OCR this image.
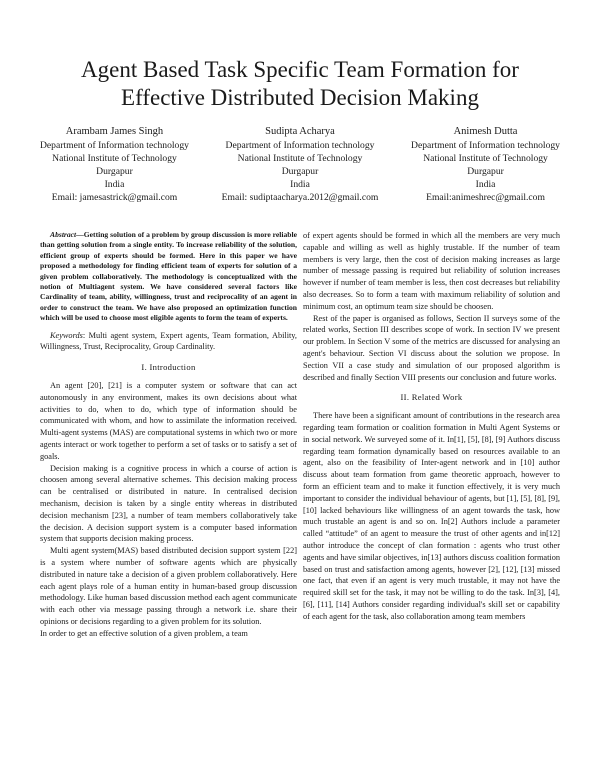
Agent Based Task Specific Team Formation for
Effective Distributed Decision Making
Arambam James Singh
Department of Information technology
National Institute of Technology
Durgapur
India
Email: jamesastrick@gmail.com
Sudipta Acharya
Department of Information technology
National Institute of Technology
Durgapur
India
Email: sudiptaacharya.2012@gmail.com
Animesh Dutta
Department of Information technology
National Institute of Technology
Durgapur
India
Email:animeshrec@gmail.com

Abstract—Getting solution of a problem by group discussion is more reliable than getting solution from a single entity. To increase reliability of the solution, efficient group of experts should be formed. Here in this paper we have proposed a methodology for finding efficient team of experts for solution of a given problem collaboratively. The methodology is conceptualized with the notion of Multiagent system. We have considered several factors like Cardinality of team, ability, willingness, trust and reciprocality of an agent in order to construct the team. We have also proposed an optimization function which will be used to choose most eligible agents to form the team of experts.

Keywords: Multi agent system, Expert agents, Team formation, Ability, Willingness, Trust, Reciprocality, Group Cardinality.

I. Introduction

An agent [20], [21] is a computer system or software that can act autonomously in any environment, makes its own decisions about what activities to do, when to do, which type of information should be communicated with whom, and how to assimilate the information received. Multi-agent systems (MAS) are computational systems in which two or more agents interact or work together to perform a set of tasks or to satisfy a set of goals.

Decision making is a cognitive process in which a course of action is choosen among several alternative schemes. This decision making process can be centralised or distributed in nature. In centralised decision mechanism, decision is taken by a single entity whereas in distributed decision mechanism [23], a number of team members collaboratively take the decision. A decision support system is a computer based information system that supports decision making process.

Multi agent system(MAS) based distributed decision support system [22] is a system where number of software agents which are physically distributed in nature take a decision of a given problem collaboratively. Here each agent plays role of a human entity in human-based group discussion methodology. Like human based discussion method each agent communicate with each other via message passing through a network i.e. share their opinions or decisions regarding to a given problem for its solution.

In order to get an effective solution of a given problem, a team

of expert agents should be formed in which all the members are very much capable and willing as well as highly trustable. If the number of team members is very large, then the cost of decision making increases as large number of message passing is required but reliability of solution increases however if number of team member is less, then cost decreases but reliability also decreases. So to form a team with maximum reliability of solution and minimum cost, an optimum team size should be choosen.

Rest of the paper is organised as follows, Section II surveys some of the related works, Section III describes scope of work. In section IV we present our problem. In Section V some of the metrics are discussed for analysing an agent's behaviour. Section VI discuss about the solution we propose. In Section VII a case study and simulation of our proposed algorithm is described and finally Section VIII presents our conclusion and future works.

II. Related Work

There have been a significant amount of contributions in the research area regarding team formation or coalition formation in Multi Agent Systems or in social network. We surveyed some of it. In[1], [5], [8], [9] Authors discuss regarding team formation dynamically based on resources available to an agent, also on the feasibility of Inter-agent network and in [10] author discuss about team formation from game theoretic approach, however to form an efficient team and to make it function effectively, it is very much important to consider the individual behaviour of agents, but [1], [5], [8], [9], [10] lacked behaviours like willingness of an agent towards the task, how much trustable an agent is and so on. In[2] Authors include a parameter called “attitude” of an agent to measure the trust of other agents and in[12] author introduce the concept of clan formation : agents who trust other agents and have similar objectives, in[13] authors discuss coalition formation based on trust and satisfaction among agents, however [2], [12], [13] missed one fact, that even if an agent is very much trustable, it may not have the required skill set for the task, it may not be willing to do the task. In[3], [4], [6], [11], [14] Authors consider regarding individual's skill set or capability of each agent for the task, also collaboration among team members
